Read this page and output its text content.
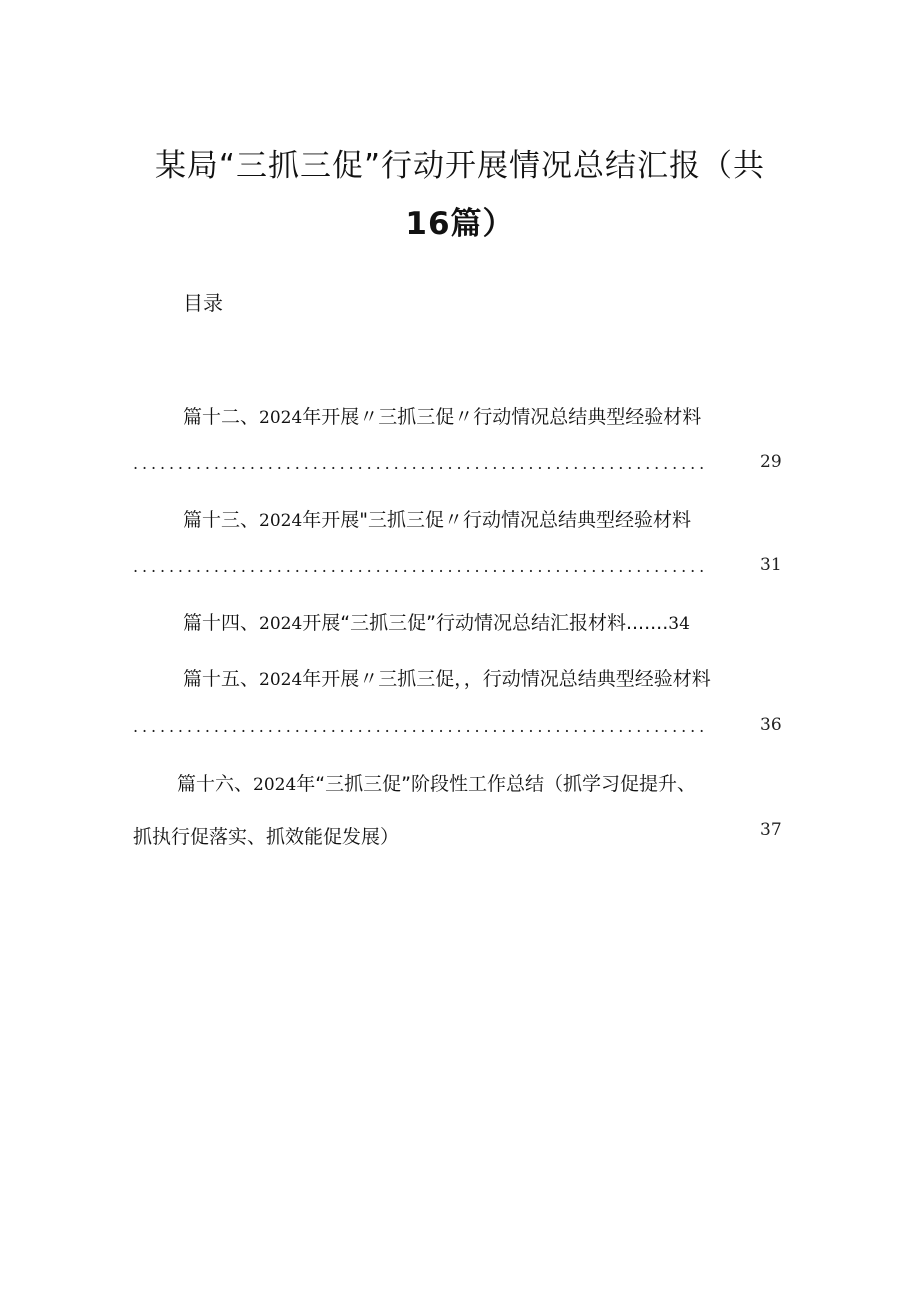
某局“三抓三促”行动开展情况总结汇报（共
16篇）
目录
篇十二、2024年开展〃三抓三促〃行动情况总结典型经验材料
................................................................	29
篇十三、2024年开展"三抓三促〃行动情况总结典型经验材料
................................................................	31
篇十四、2024开展“三抓三促”行动情况总结汇报材料.......34
篇十五、2024年开展〃三抓三促，，行动情况总结典型经验材料
................................................................	36
篇十六、2024年“三抓三促”阶段性工作总结（抓学习促提升、
抓执行促落实、抓效能促发展）	37
